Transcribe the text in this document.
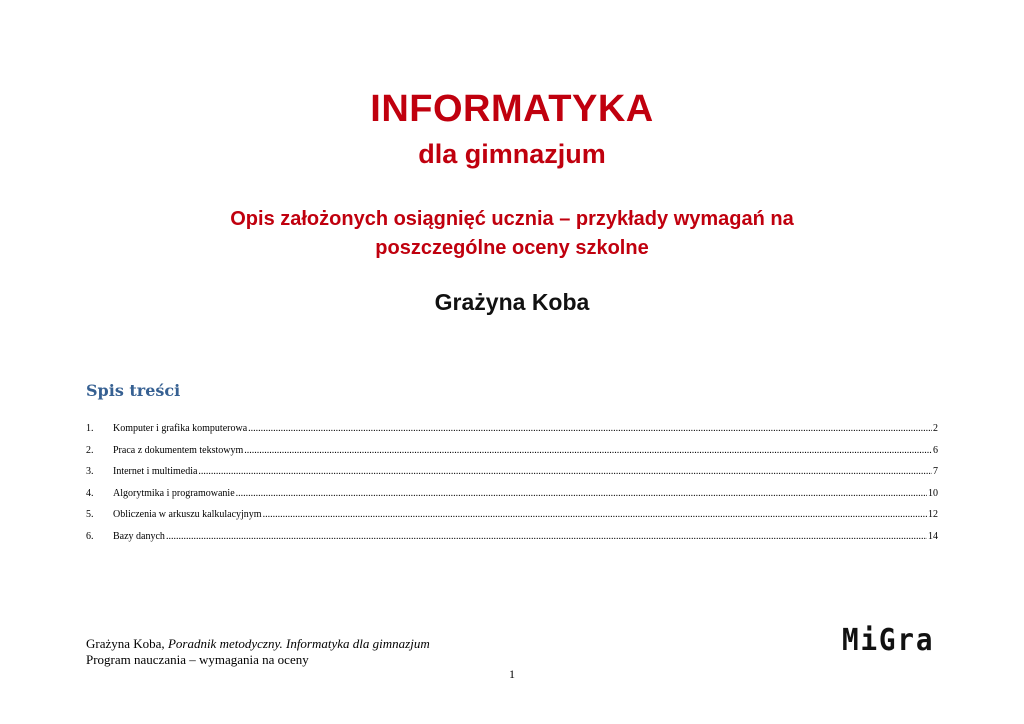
INFORMATYKA
dla gimnazjum
Opis założonych osiągnięć ucznia – przykłady wymagań na
poszczególne oceny szkolne
Grażyna Koba
Spis treści
1.	Komputer i grafika komputerowa .....	2
2.	Praca z dokumentem tekstowym .....	6
3.	Internet i multimedia .....	7
4.	Algorytmika i programowanie .....	10
5.	Obliczenia w arkuszu kalkulacyjnym .....	12
6.	Bazy danych .....	14
Grażyna Koba, Poradnik metodyczny. Informatyka dla gimnazjum
Program nauczania – wymagania na oceny
MiGra
1
